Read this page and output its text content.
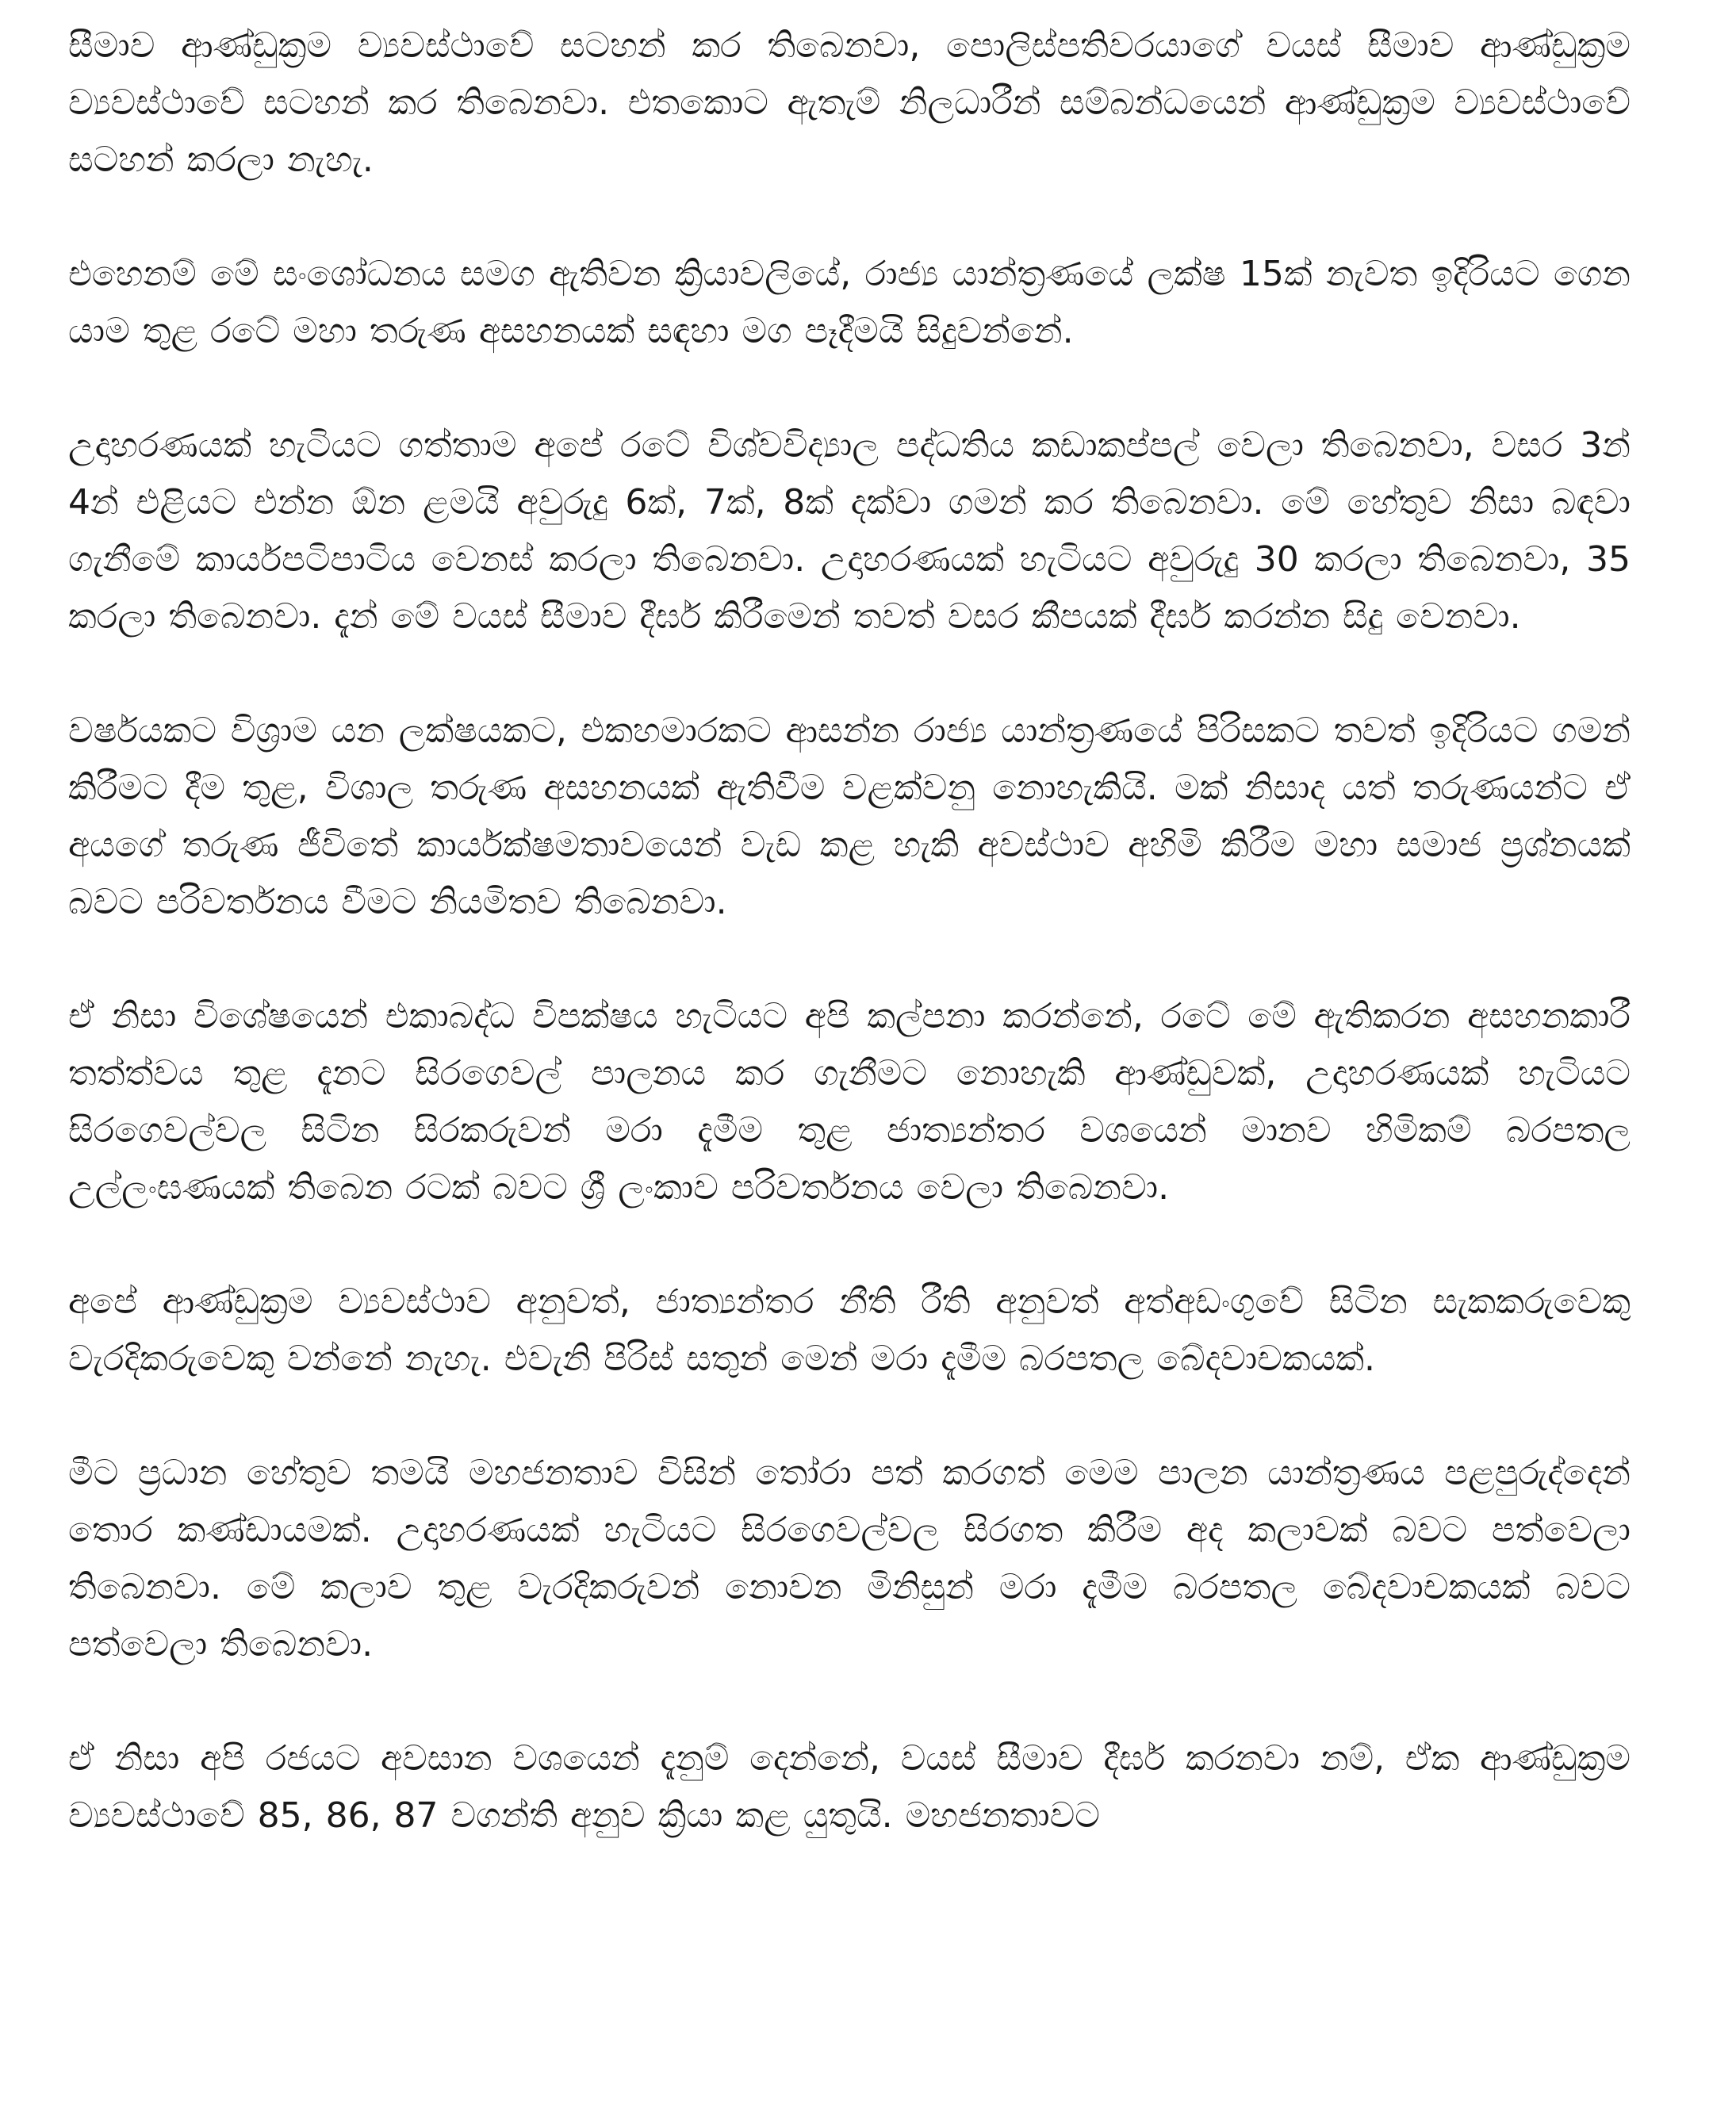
සීමාව ආණ්ඩුක්‍රම ව්‍යවස්ථාවේ සටහන් කර තිබෙනවා, පොලිස්පතිවරයාගේ වයස් සීමාව ආණ්ඩුක්‍රම ව්‍යවස්ථාවේ සටහන් කර තිබෙනවා. එතකොට ඇතැම් නිලධාරීන් සම්බන්ධයෙන් ආණ්ඩුක්‍රම ව්‍යවස්ථාවේ සටහන් කරලා නැහැ.

එහෙනම් මේ සංශෝධනය සමග ඇතිවන ක්‍රියාවලියේ, රාජ්‍ය යාන්ත්‍රණයේ ලක්ෂ 15ක් නැවත ඉදිරියට ගෙන යාම තුළ රටේ මහා තරුණ අසහනයක් සඳහා මග පෑදීමයි සිදුවන්නේ.

උදාහරණයක් හැටියට ගත්තාම අපේ රටේ විශ්වවිද්‍යාල පද්ධතිය කඩාකප්පල් වෙලා තිබෙනවා, වසර 3න් 4න් එළියට එන්න ඕන ළමයි අවුරුදු 6ක්, 7ක්, 8ක් දක්වා ගමන් කර තිබෙනවා. මේ හේතුව නිසා බඳවා ගැනීමේ කාර්යපටිපාටිය වෙනස් කරලා තිබෙනවා. උදාහරණයක් හැටියට අවුරුදු 30 කරලා තිබෙනවා, 35 කරලා තිබෙනවා. දැන් මේ වයස් සීමාව දීර්ඝ කිරීමෙන් තවත් වසර කීපයක් දීර්ඝ කරන්න සිදු වෙනවා.

වර්ෂයකට විශ්‍රාම යන ලක්ෂයකට, එකහමාරකට ආසන්න රාජ්‍ය යාන්ත්‍රණයේ පිරිසකට තවත් ඉදිරියට ගමන් කිරීමට දීම තුළ, විශාල තරුණ අසහනයක් ඇතිවීම වළක්වනු නොහැකියි. මක් නිසාද යත් තරුණයන්ට ඒ අයගේ තරුණ ජීවිතේ කාර්යක්ෂමතාවයෙන් වැඩ කළ හැකි අවස්ථාව අහිමි කිරීම මහා සමාජ ප්‍රශ්නයක් බවට පරිවර්තනය වීමට නියමිතව තිබෙනවා.

ඒ නිසා විශේෂයෙන් එකාබද්ධ විපක්ෂය හැටියට අපි කල්පනා කරන්නේ, රටේ මේ ඇතිකරන අසහනකාරී තත්ත්වය තුළ දැනට සිරගෙවල් පාලනය කර ගැනීමට නොහැකි ආණ්ඩුවක්, උදාහරණයක් හැටියට සිරගෙවල්වල සිටින සිරකරුවන් මරා දැමීම තුළ ජාත්‍යන්තර වශයෙන් මානව හිමිකම් බරපතල උල්ලංඝණයක් තිබෙන රටක් බවට ශ්‍රී ලංකාව පරිවර්තනය වෙලා තිබෙනවා.

අපේ ආණ්ඩුක්‍රම ව්‍යවස්ථාව අනුවත්, ජාත්‍යන්තර නීති රීති අනුවත් අත්අඩංගුවේ සිටින සැකකරුවෙකු වැරදිකරුවෙකු වන්නේ නැහැ. එවැනි පිරිස් සතුන් මෙන් මරා දැමීම බරපතල බේදවාචකයක්.

මීට ප්‍රධාන හේතුව තමයි මහජනතාව විසින් තෝරා පත් කරගත් මෙම පාලන යාන්ත්‍රණය පළපුරුද්දෙන් තොර කණ්ඩායමක්. උදාහරණයක් හැටියට සිරගෙවල්වල සිරගත කිරීම අද කලාවක් බවට පත්වෙලා තිබෙනවා. මේ කලාව තුළ වැරදිකරුවන් නොවන මිනිසුන් මරා දැමීම බරපතල බේදවාචකයක් බවට පත්වෙලා තිබෙනවා.

ඒ නිසා අපි රජයට අවසාන වශයෙන් දැනුම් දෙන්නේ, වයස් සීමාව දීර්ඝ කරනවා නම්, ඒක ආණ්ඩුක්‍රම ව්‍යවස්ථාවේ 85, 86, 87 වගන්ති අනුව ක්‍රියා කළ යුතුයි. මහජනතාවට
